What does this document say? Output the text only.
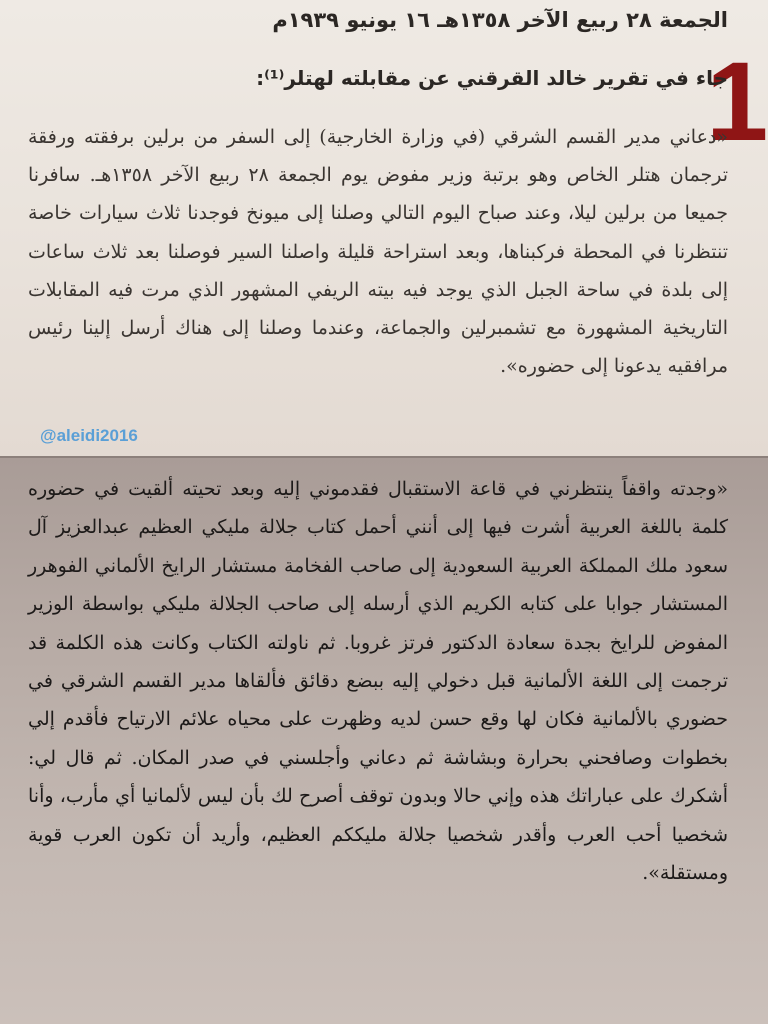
الجمعة ٢٨ ربيع الآخر ١٣٥٨هـ ١٦ يونيو ١٩٣٩م
1
جاء في تقرير خالد القرقني عن مقابلته لهتلر⁽¹⁾:

«دعاني مدير القسم الشرقي (في وزارة الخارجية) إلى السفر من برلين برفقته ورفقة ترجمان هتلر الخاص وهو برتبة وزير مفوض يوم الجمعة ٢٨ ربيع الآخر ١٣٥٨هـ. سافرنا جميعا من برلين ليلا، وعند صباح اليوم التالي وصلنا إلى ميونخ فوجدنا ثلاث سيارات خاصة تنتظرنا في المحطة فركبناها، وبعد استراحة قليلة واصلنا السير فوصلنا بعد ثلاث ساعات إلى بلدة في ساحة الجبل الذي يوجد فيه بيته الريفي المشهور الذي مرت فيه المقابلات التاريخية المشهورة مع تشمبرلين والجماعة، وعندما وصلنا إلى هناك أرسل إلينا رئيس مرافقيه يدعونا إلى حضوره».

@aleidi2016

«وجدته واقفاً ينتظرني في قاعة الاستقبال فقدموني إليه وبعد تحيته ألقيت في حضوره كلمة باللغة العربية أشرت فيها إلى أنني أحمل كتاب جلالة مليكي العظيم عبدالعزيز آل سعود ملك المملكة العربية السعودية إلى صاحب الفخامة مستشار الرايخ الألماني الفوهرر المستشار جوابا على كتابه الكريم الذي أرسله إلى صاحب الجلالة مليكي بواسطة الوزير المفوض للرايخ بجدة سعادة الدكتور فرتز غروبا. ثم ناولته الكتاب وكانت هذه الكلمة قد ترجمت إلى اللغة الألمانية قبل دخولي إليه ببضع دقائق فألقاها مدير القسم الشرقي في حضوري بالألمانية فكان لها وقع حسن لديه وظهرت على محياه علائم الارتياح فأقدم إلي بخطوات وصافحني بحرارة وبشاشة ثم دعاني وأجلسني في صدر المكان. ثم قال لي: أشكرك على عباراتك هذه وإني حالا وبدون توقف أصرح لك بأن ليس لألمانيا أي مأرب، وأنا شخصيا أحب العرب وأقدر شخصيا جلالة مليككم العظيم، وأريد أن تكون العرب قوية ومستقلة».
